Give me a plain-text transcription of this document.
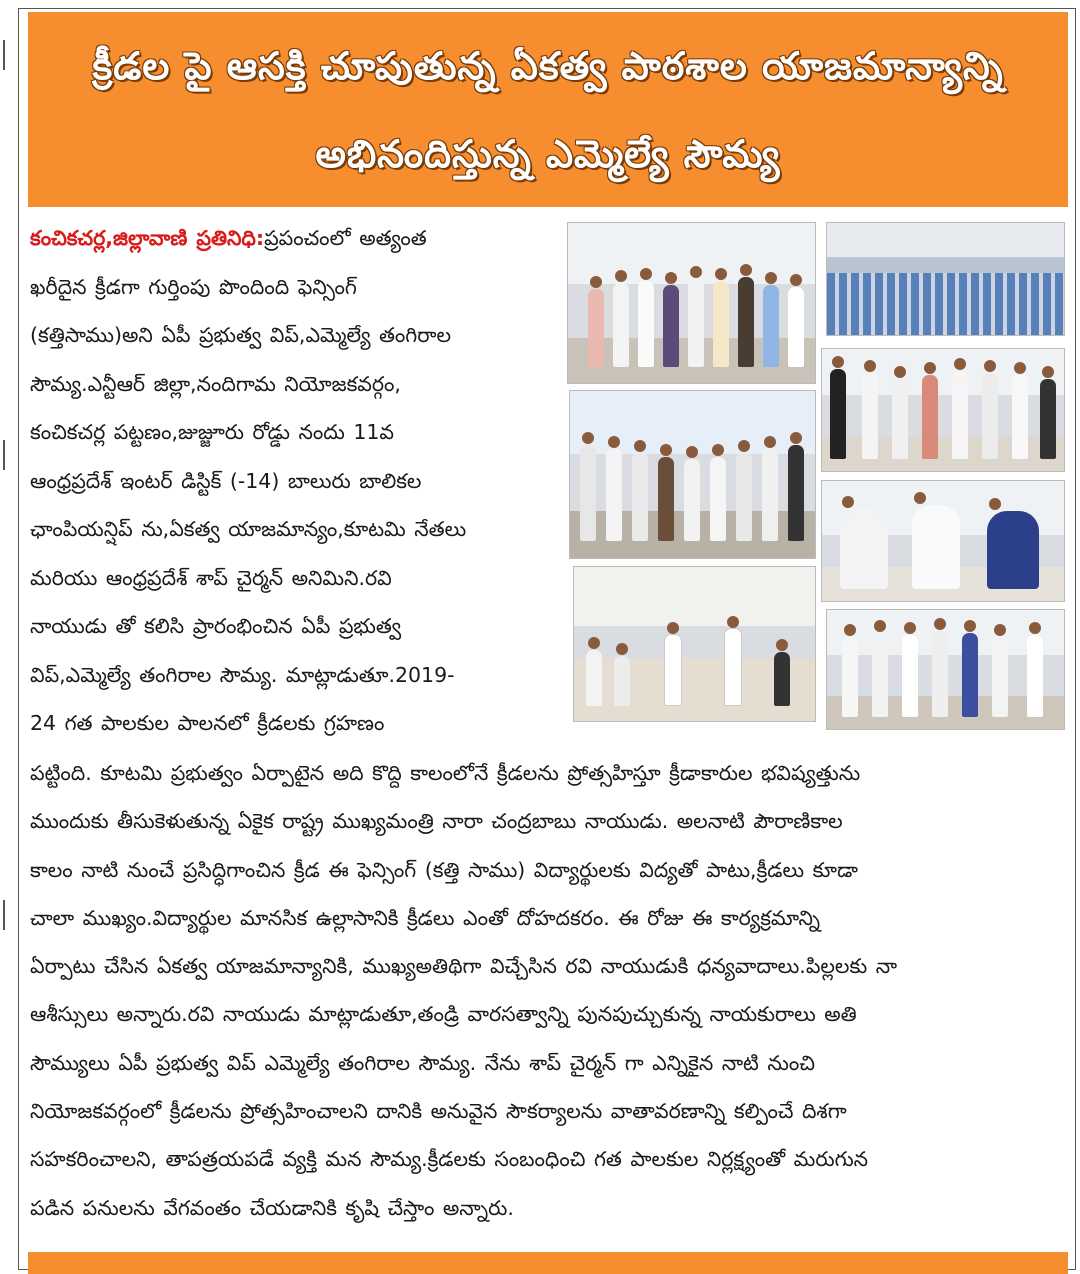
క్రీడల పై ఆసక్తి చూపుతున్న ఏకత్వ పాఠశాల యాజమాన్యాన్ని
అభినందిస్తున్న ఎమ్మెల్యే సౌమ్య
కంచికచర్ల,జిల్లావాణి ప్రతినిధి:ప్రపంచంలో అత్యంత
ఖరీదైన క్రీడగా గుర్తింపు పొందింది ఫెన్సింగ్
(కత్తిసాము)అని ఏపీ ప్రభుత్వ విప్,ఎమ్మెల్యే తంగిరాల
సౌమ్య.ఎన్టీఆర్ జిల్లా,నందిగామ నియోజకవర్గం,
కంచికచర్ల పట్టణం,జుజ్జూరు రోడ్డు నందు 11వ
ఆంధ్రప్రదేశ్ ఇంటర్ డిస్టిక్ (-14) బాలురు బాలికల
ఛాంపియన్షిప్ ను,ఏకత్వ యాజమాన్యం,కూటమి నేతలు
మరియు ఆంధ్రప్రదేశ్ శాప్ చైర్మన్ అనిమిని.రవి
నాయుడు తో కలిసి ప్రారంభించిన ఏపీ ప్రభుత్వ
విప్,ఎమ్మెల్యే తంగిరాల సౌమ్య. మాట్లాడుతూ.2019-
24 గత పాలకుల పాలనలో క్రీడలకు గ్రహణం
పట్టింది. కూటమి ప్రభుత్వం ఏర్పాటైన అది కొద్ది కాలంలోనే క్రీడలను ప్రోత్సహిస్తూ క్రీడాకారుల భవిష్యత్తును
ముందుకు తీసుకెళుతున్న ఏకైక రాష్ట్ర ముఖ్యమంత్రి నారా చంద్రబాబు నాయుడు. అలనాటి పౌరాణికాల
కాలం నాటి నుంచే ప్రసిద్ధిగాంచిన క్రీడ ఈ ఫెన్సింగ్ (కత్తి సాము) విద్యార్థులకు విద్యతో పాటు,క్రీడలు కూడా
చాలా ముఖ్యం.విద్యార్థుల మానసిక ఉల్లాసానికి క్రీడలు ఎంతో దోహదకరం. ఈ రోజు ఈ కార్యక్రమాన్ని
ఏర్పాటు చేసిన ఏకత్వ యాజమాన్యానికి, ముఖ్యఅతిథిగా విచ్చేసిన రవి నాయుడుకి ధన్యవాదాలు.పిల్లలకు నా
ఆశీస్సులు అన్నారు.రవి నాయుడు మాట్లాడుతూ,తండ్రి వారసత్వాన్ని పునపుచ్చుకున్న నాయకురాలు అతి
సౌమ్యులు ఏపీ ప్రభుత్వ విప్ ఎమ్మెల్యే తంగిరాల సౌమ్య. నేను శాప్ చైర్మన్ గా ఎన్నికైన నాటి నుంచి
నియోజకవర్గంలో క్రీడలను ప్రోత్సహించాలని దానికి అనువైన సౌకర్యాలను వాతావరణాన్ని కల్పించే దిశగా
సహకరించాలని, తాపత్రయపడే వ్యక్తి మన సౌమ్య.క్రీడలకు సంబంధించి గత పాలకుల నిర్లక్ష్యంతో మరుగున
పడిన పనులను వేగవంతం చేయడానికి కృషి చేస్తాం అన్నారు.
